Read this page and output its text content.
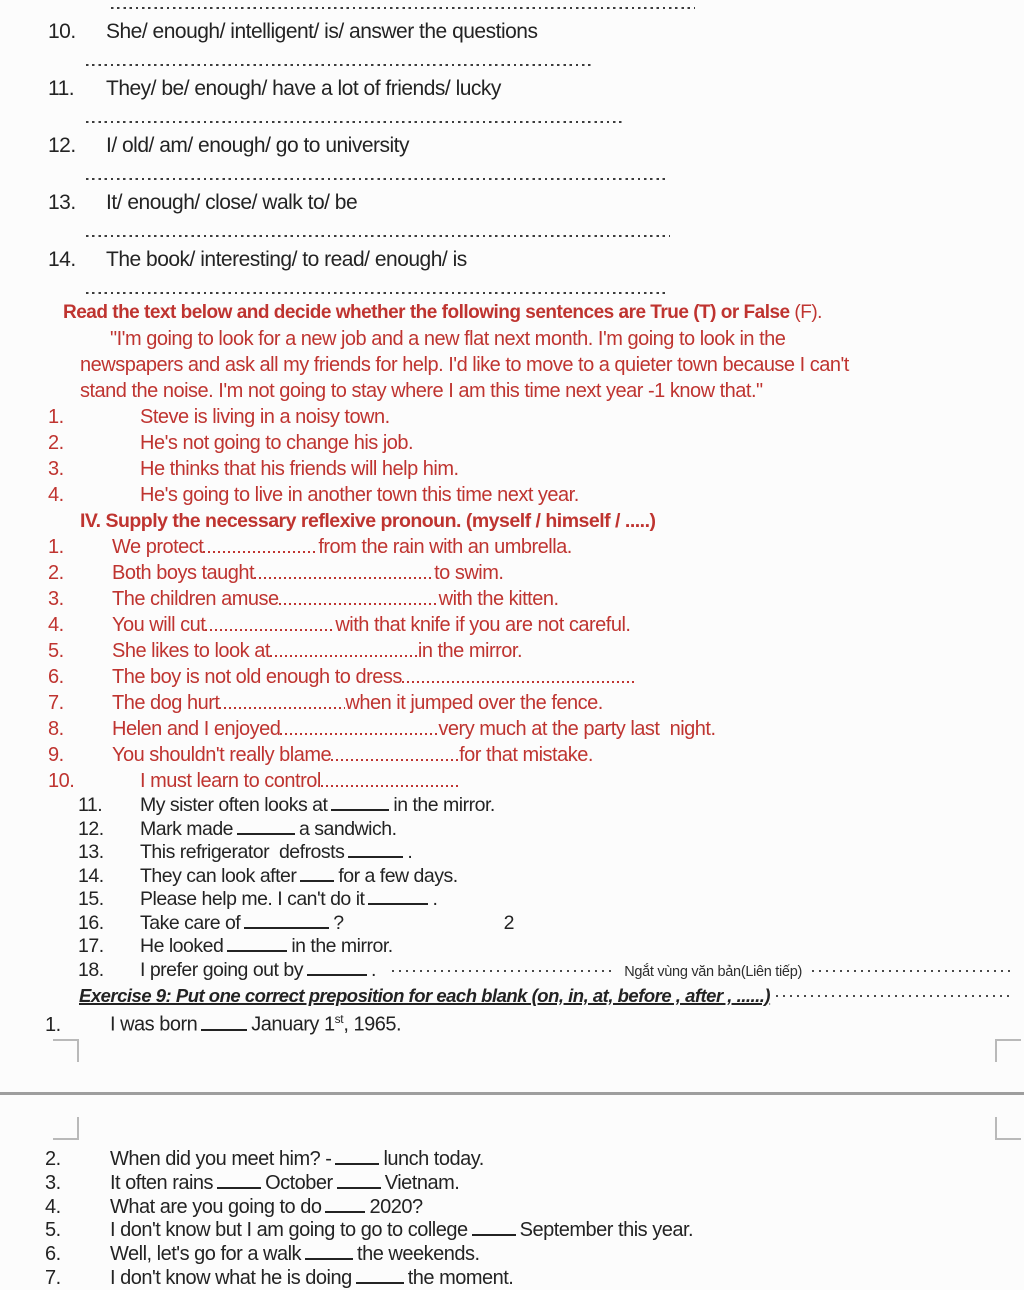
10.	She/ enough/ intelligent/ is/ answer the questions
11.	They/ be/ enough/ have a lot of friends/ lucky
12.	I/ old/ am/ enough/ go to university
13.	It/ enough/ close/ walk to/ be
14.	The book/ interesting/ to read/ enough/ is
Read the text below and decide whether the following sentences are True (T) or False (F).
"I'm going to look for a new job and a new flat next month. I'm going to look in the
newspapers and ask all my friends for help. I'd like to move to a quieter town because I can't
stand the noise. I'm not going to stay where I am this time next year -1 know that."
1.	Steve is living in a noisy town.
2.	He's not going to change his job.
3.	He thinks that his friends will help him.
4.	He's going to live in another town this time next year.
IV. Supply the necessary reflexive pronoun. (myself / himself / .....)
1.	We protect	from the rain with an umbrella.
2.	Both boys taught	to swim.
3.	The children amuse	with the kitten.
4.	You will cut	with that knife if you are not careful.
5.	She likes to look at	in the mirror.
6.	The boy is not old enough to dress
7.	The dog hurt	when it jumped over the fence.
8.	Helen and I enjoyed	very much at the party last  night.
9.	You shouldn't really blame	for that mistake.
10.	I must learn to control
11.	My sister often looks at	in the mirror.
12.	Mark made	a sandwich.
13.	This refrigerator  defrosts	.
14.	They can look after for a few days.
15.	Please help me. I can't do it	.
16.	Take care of	?	2
17.	He looked	in the mirror.
18.	I prefer going out by	.	Ngắt vùng văn bản(Liên tiếp)
Exercise 9: Put one correct preposition for each blank (on, in, at, before , after , ......)
1.	I was born	January 1st, 1965.
2.	When did you meet him? -	lunch today.
3.	It often rains	October	Vietnam.
4.	What are you going to do 2020?
5.	I don't know but I am going to go to college	September this year.
6.	Well, let's go for a walk	the weekends.
7.	I don't know what he is doing	the moment.
